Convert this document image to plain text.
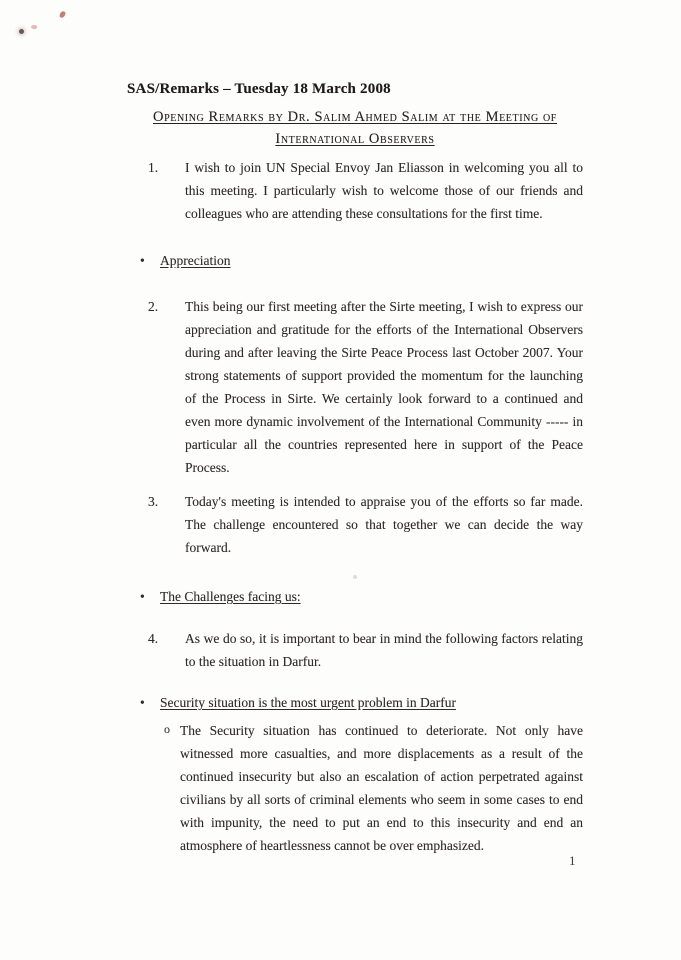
SAS/Remarks – Tuesday 18 March 2008
Opening Remarks by Dr. Salim Ahmed Salim at the Meeting of
International Observers
1.	I wish to join UN Special Envoy Jan Eliasson in welcoming you all to this meeting. I particularly wish to welcome those of our friends and colleagues who are attending these consultations for the first time.
• Appreciation
2.	This being our first meeting after the Sirte meeting, I wish to express our appreciation and gratitude for the efforts of the International Observers during and after leaving the Sirte Peace Process last October 2007. Your strong statements of support provided the momentum for the launching of the Process in Sirte. We certainly look forward to a continued and even more dynamic involvement of the International Community ----- in particular all the countries represented here in support of the Peace Process.
3.	Today's meeting is intended to appraise you of the efforts so far made. The challenge encountered so that together we can decide the way forward.
• The Challenges facing us:
4.	As we do so, it is important to bear in mind the following factors relating to the situation in Darfur.
• Security situation is the most urgent problem in Darfur
o The Security situation has continued to deteriorate. Not only have witnessed more casualties, and more displacements as a result of the continued insecurity but also an escalation of action perpetrated against civilians by all sorts of criminal elements who seem in some cases to end with impunity, the need to put an end to this insecurity and end an atmosphere of heartlessness cannot be over emphasized.
1
